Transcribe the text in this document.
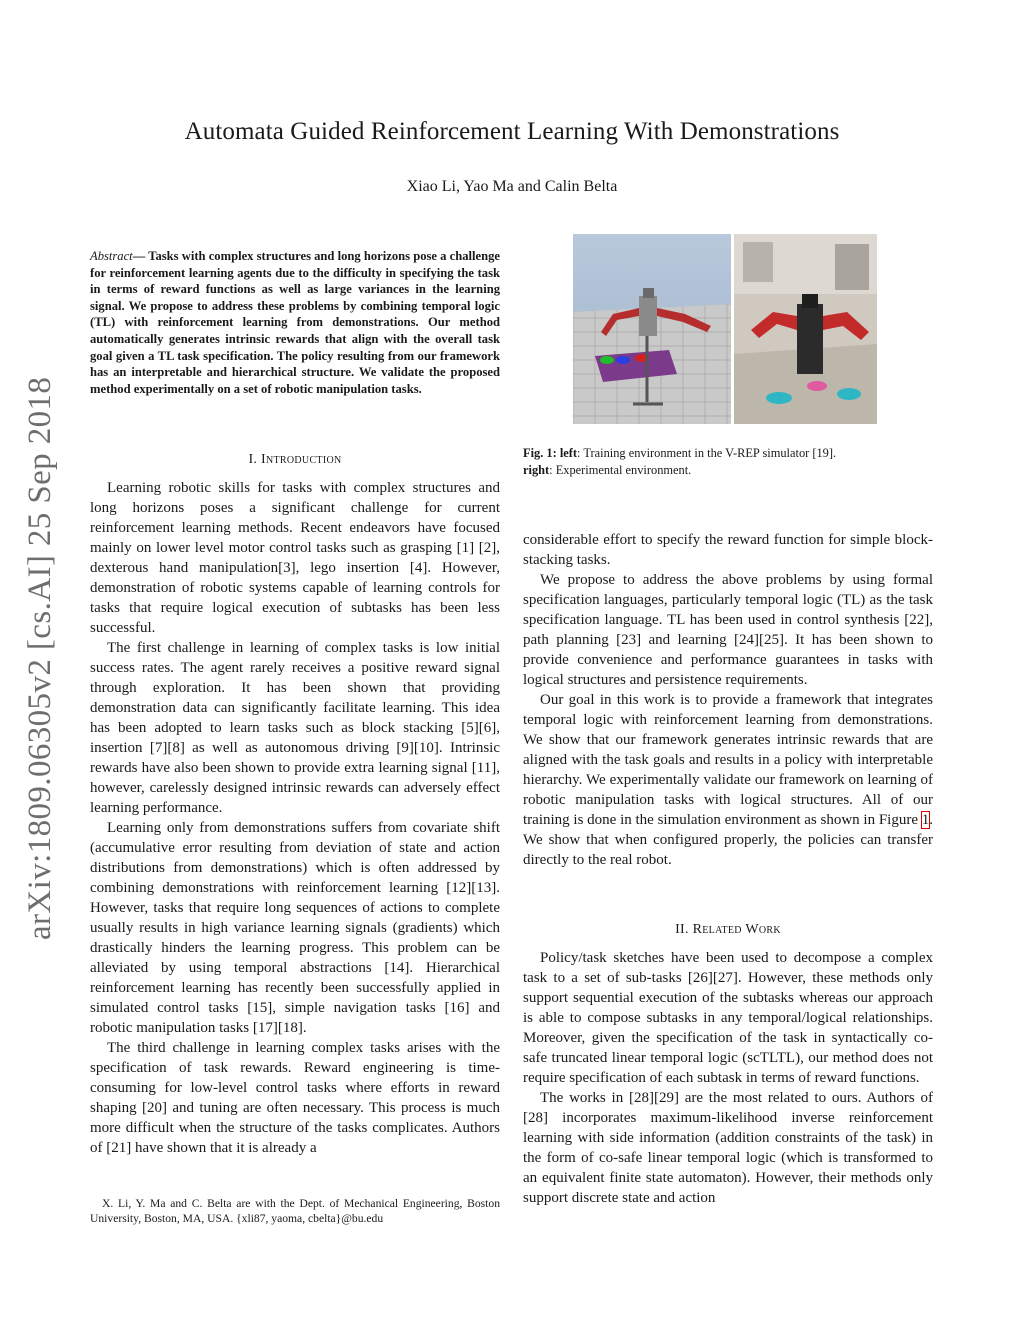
arXiv:1809.06305v2 [cs.AI] 25 Sep 2018
Automata Guided Reinforcement Learning With Demonstrations
Xiao Li, Yao Ma and Calin Belta
Abstract— Tasks with complex structures and long horizons pose a challenge for reinforcement learning agents due to the difficulty in specifying the task in terms of reward functions as well as large variances in the learning signal. We propose to address these problems by combining temporal logic (TL) with reinforcement learning from demonstrations. Our method automatically generates intrinsic rewards that align with the overall task goal given a TL task specification. The policy resulting from our framework has an interpretable and hierarchical structure. We validate the proposed method experimentally on a set of robotic manipulation tasks.
I. Introduction

Learning robotic skills for tasks with complex structures and long horizons poses a significant challenge for current reinforcement learning methods. Recent endeavors have focused mainly on lower level motor control tasks such as grasping [1] [2], dexterous hand manipulation[3], lego insertion [4]. However, demonstration of robotic systems capable of learning controls for tasks that require logical execution of subtasks has been less successful.

The first challenge in learning of complex tasks is low initial success rates. The agent rarely receives a positive reward signal through exploration. It has been shown that providing demonstration data can significantly facilitate learning. This idea has been adopted to learn tasks such as block stacking [5][6], insertion [7][8] as well as autonomous driving [9][10]. Intrinsic rewards have also been shown to provide extra learning signal [11], however, carelessly designed intrinsic rewards can adversely effect learning performance.

Learning only from demonstrations suffers from covariate shift (accumulative error resulting from deviation of state and action distributions from demonstrations) which is often addressed by combining demonstrations with reinforcement learning [12][13]. However, tasks that require long sequences of actions to complete usually results in high variance learning signals (gradients) which drastically hinders the learning progress. This problem can be alleviated by using temporal abstractions [14]. Hierarchical reinforcement learning has recently been successfully applied in simulated control tasks [15], simple navigation tasks [16] and robotic manipulation tasks [17][18].

The third challenge in learning complex tasks arises with the specification of task rewards. Reward engineering is time-consuming for low-level control tasks where efforts in reward shaping [20] and tuning are often necessary. This process is much more difficult when the structure of the tasks complicates. Authors of [21] have shown that it is already a

X. Li, Y. Ma and C. Belta are with the Dept. of Mechanical Engineering, Boston University, Boston, MA, USA. {xli87, yaoma, cbelta}@bu.edu
Fig. 1: left: Training environment in the V-REP simulator [19].
right: Experimental environment.

considerable effort to specify the reward function for simple block-stacking tasks.

We propose to address the above problems by using formal specification languages, particularly temporal logic (TL) as the task specification language. TL has been used in control synthesis [22], path planning [23] and learning [24][25]. It has been shown to provide convenience and performance guarantees in tasks with logical structures and persistence requirements.

Our goal in this work is to provide a framework that integrates temporal logic with reinforcement learning from demonstrations. We show that our framework generates intrinsic rewards that are aligned with the task goals and results in a policy with interpretable hierarchy. We experimentally validate our framework on learning of robotic manipulation tasks with logical structures. All of our training is done in the simulation environment as shown in Figure 1. We show that when configured properly, the policies can transfer directly to the real robot.

II. Related Work

Policy/task sketches have been used to decompose a complex task to a set of sub-tasks [26][27]. However, these methods only support sequential execution of the subtasks whereas our approach is able to compose subtasks in any temporal/logical relationships. Moreover, given the specification of the task in syntactically co-safe truncated linear temporal logic (scTLTL), our method does not require specification of each subtask in terms of reward functions.

The works in [28][29] are the most related to ours. Authors of [28] incorporates maximum-likelihood inverse reinforcement learning with side information (addition constraints of the task) in the form of co-safe linear temporal logic (which is transformed to an equivalent finite state automaton). However, their methods only support discrete state and action
